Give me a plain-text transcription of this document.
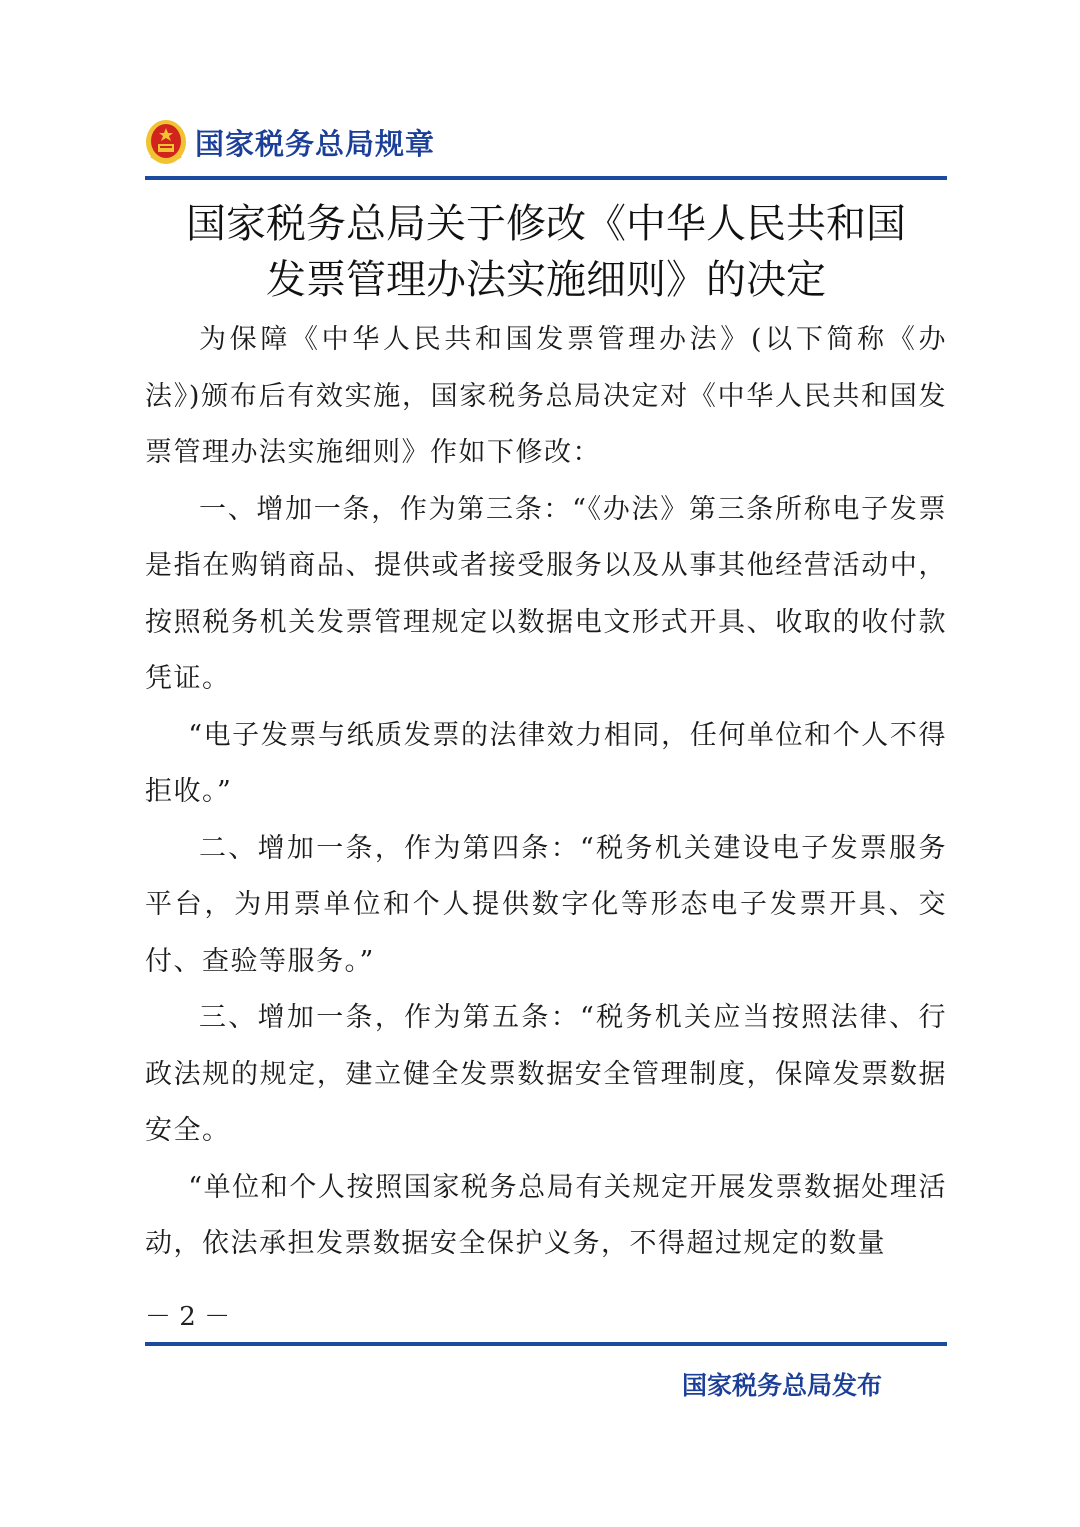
国家税务总局规章
国家税务总局关于修改《中华人民共和国
发票管理办法实施细则》的决定

为保障《中华人民共和国发票管理办法》(以下简称《办法》)颁布后有效实施，国家税务总局决定对《中华人民共和国发票管理办法实施细则》作如下修改：

一、增加一条，作为第三条：“《办法》第三条所称电子发票是指在购销商品、提供或者接受服务以及从事其他经营活动中，按照税务机关发票管理规定以数据电文形式开具、收取的收付款凭证。

“电子发票与纸质发票的法律效力相同，任何单位和个人不得拒收。”

二、增加一条，作为第四条：“税务机关建设电子发票服务平台，为用票单位和个人提供数字化等形态电子发票开具、交付、查验等服务。”

三、增加一条，作为第五条：“税务机关应当按照法律、行政法规的规定，建立健全发票数据安全管理制度，保障发票数据安全。

“单位和个人按照国家税务总局有关规定开展发票数据处理活动，依法承担发票数据安全保护义务，不得超过规定的数量

－ 2 －
国家税务总局发布
